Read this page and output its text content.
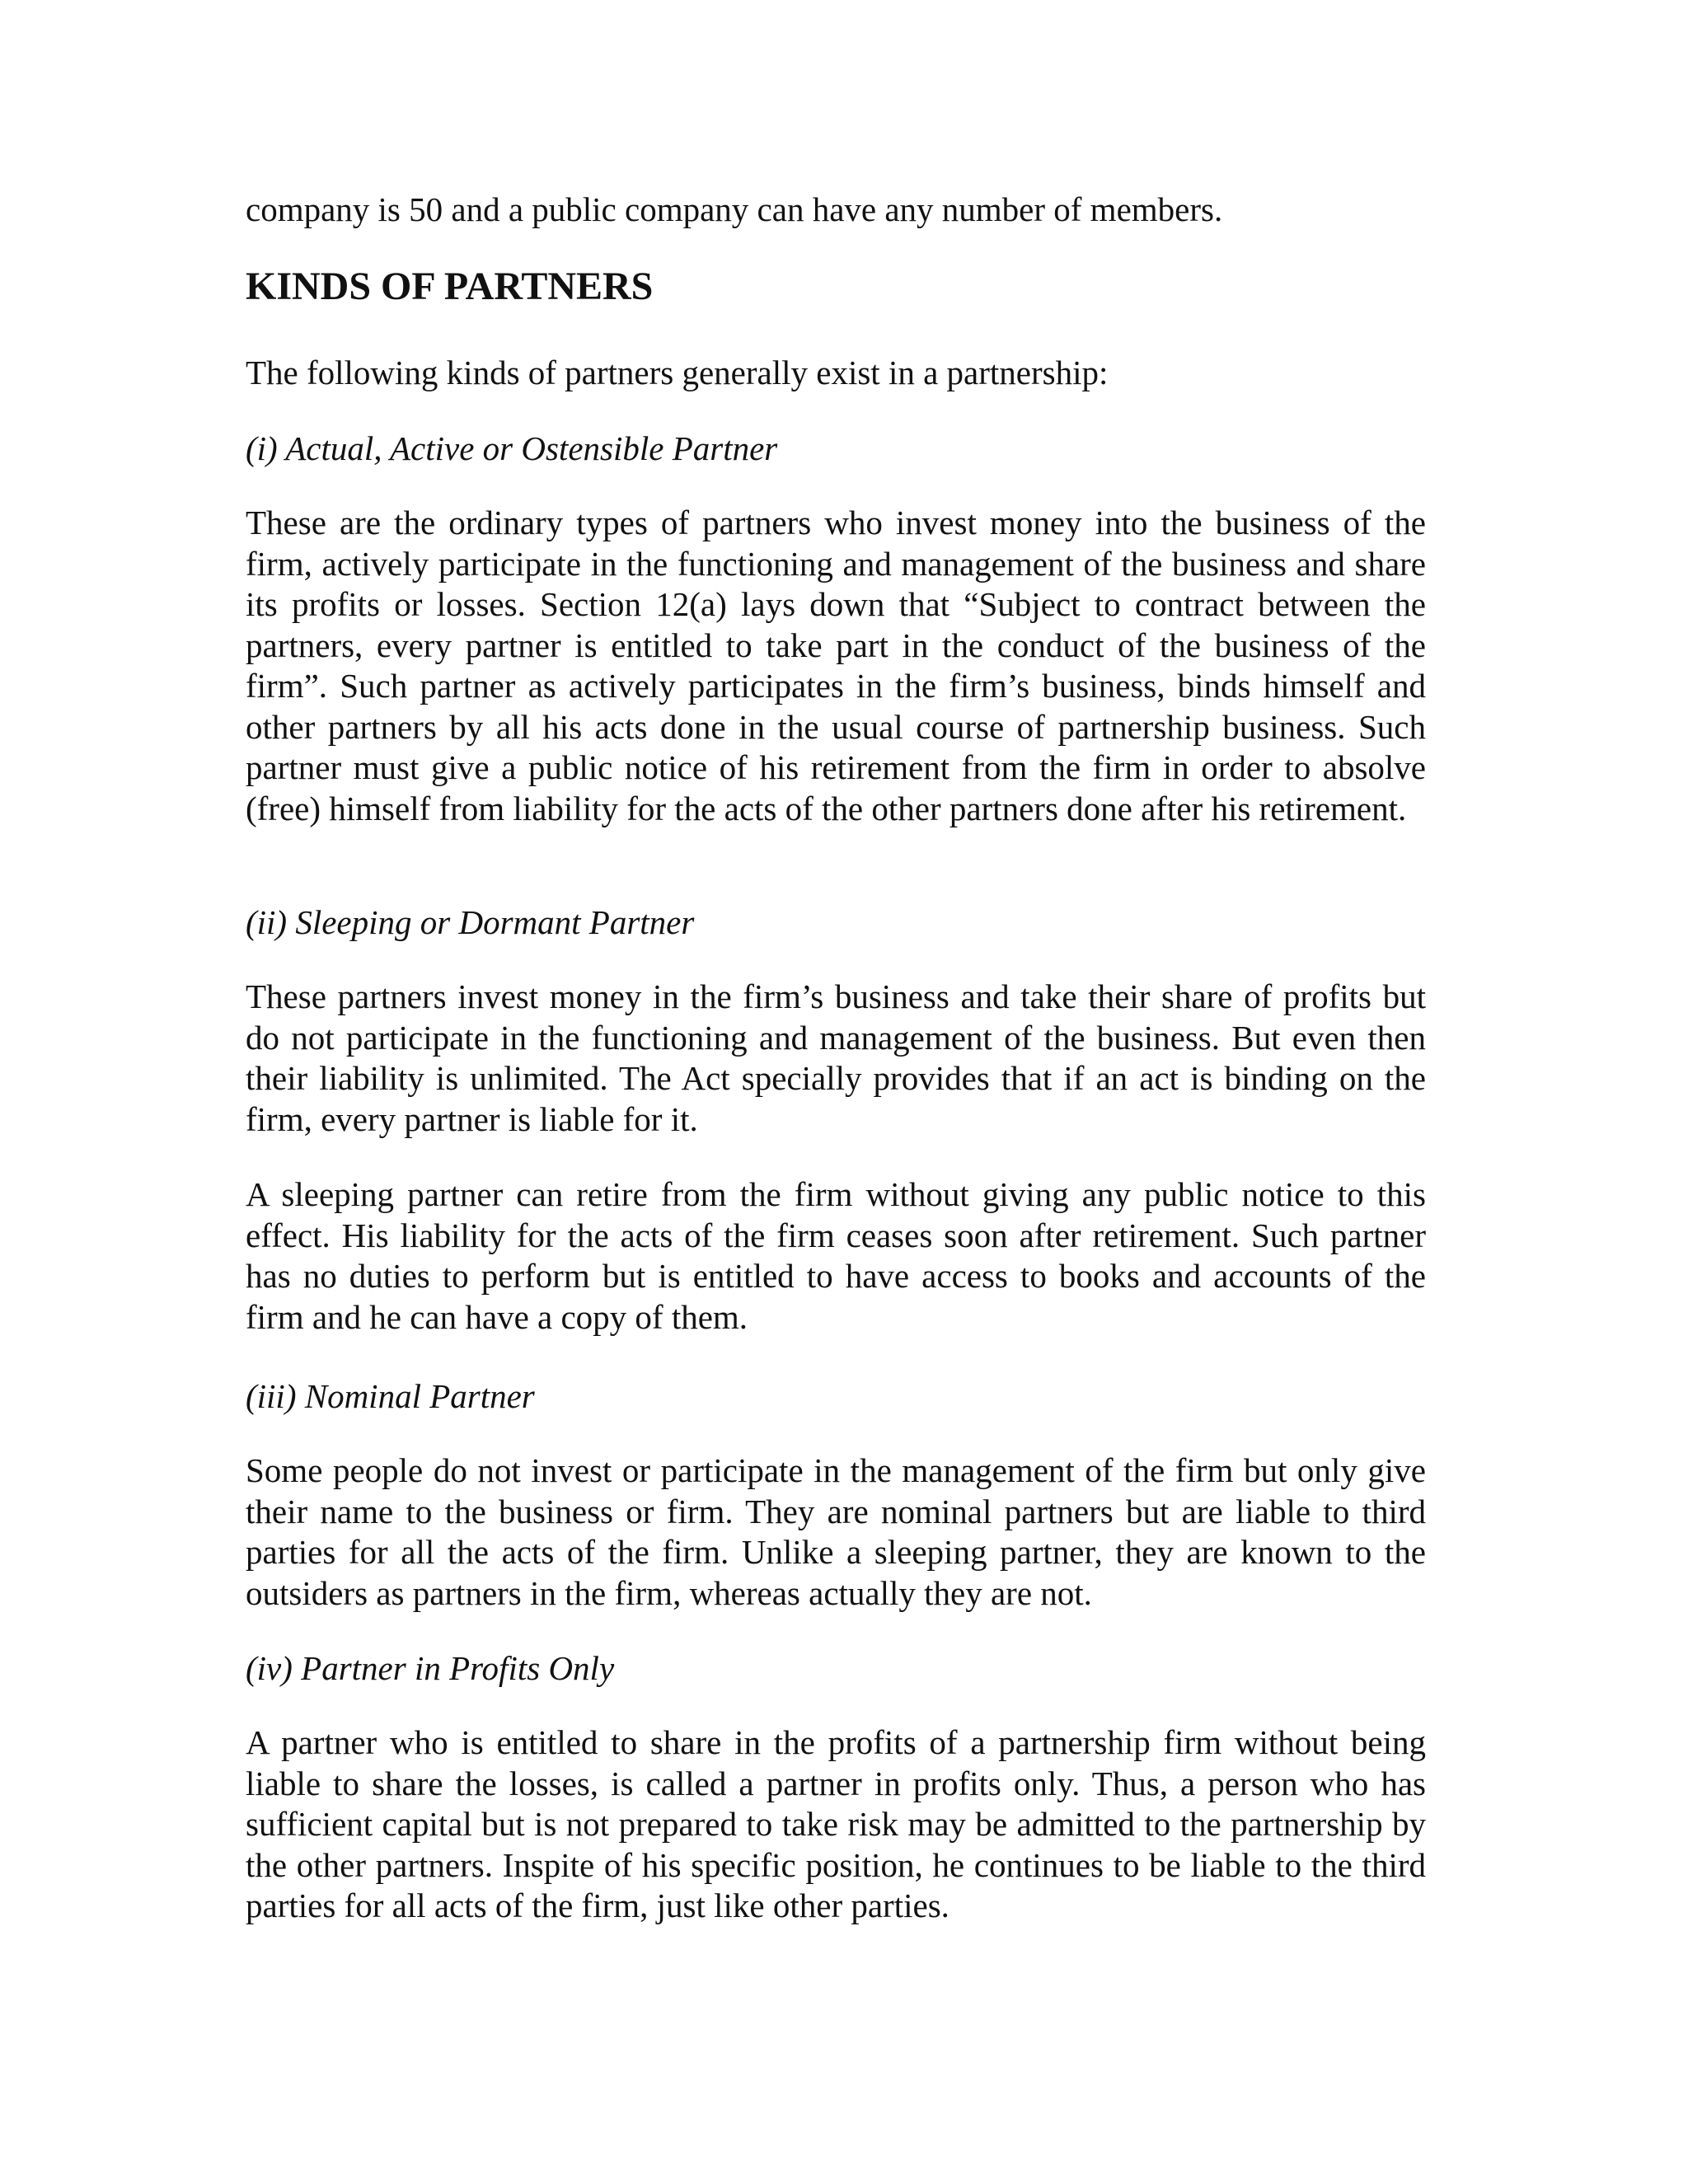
company is 50 and a public company can have any number of members.

KINDS OF PARTNERS

The following kinds of partners generally exist in a partnership:

(i) Actual, Active or Ostensible Partner

These are the ordinary types of partners who invest money into the business of the firm, actively participate in the functioning and management of the business and share its profits or losses. Section 12(a) lays down that “Subject to contract between the partners, every partner is entitled to take part in the conduct of the business of the firm”. Such partner as actively participates in the firm’s business, binds himself and other partners by all his acts done in the usual course of partnership business. Such partner must give a public notice of his retirement from the firm in order to absolve (free) himself from liability for the acts of the other partners done after his retirement.

(ii) Sleeping or Dormant Partner

These partners invest money in the firm’s business and take their share of profits but do not participate in the functioning and management of the business. But even then their liability is unlimited. The Act specially provides that if an act is binding on the firm, every partner is liable for it.

A sleeping partner can retire from the firm without giving any public notice to this effect. His liability for the acts of the firm ceases soon after retirement. Such partner has no duties to perform but is entitled to have access to books and accounts of the firm and he can have a copy of them.

(iii) Nominal Partner

Some people do not invest or participate in the management of the firm but only give their name to the business or firm. They are nominal partners but are liable to third parties for all the acts of the firm. Unlike a sleeping partner, they are known to the outsiders as partners in the firm, whereas actually they are not.

(iv) Partner in Profits Only

A partner who is entitled to share in the profits of a partnership firm without being liable to share the losses, is called a partner in profits only. Thus, a person who has sufficient capital but is not prepared to take risk may be admitted to the partnership by the other partners. Inspite of his specific position, he continues to be liable to the third parties for all acts of the firm, just like other parties.
